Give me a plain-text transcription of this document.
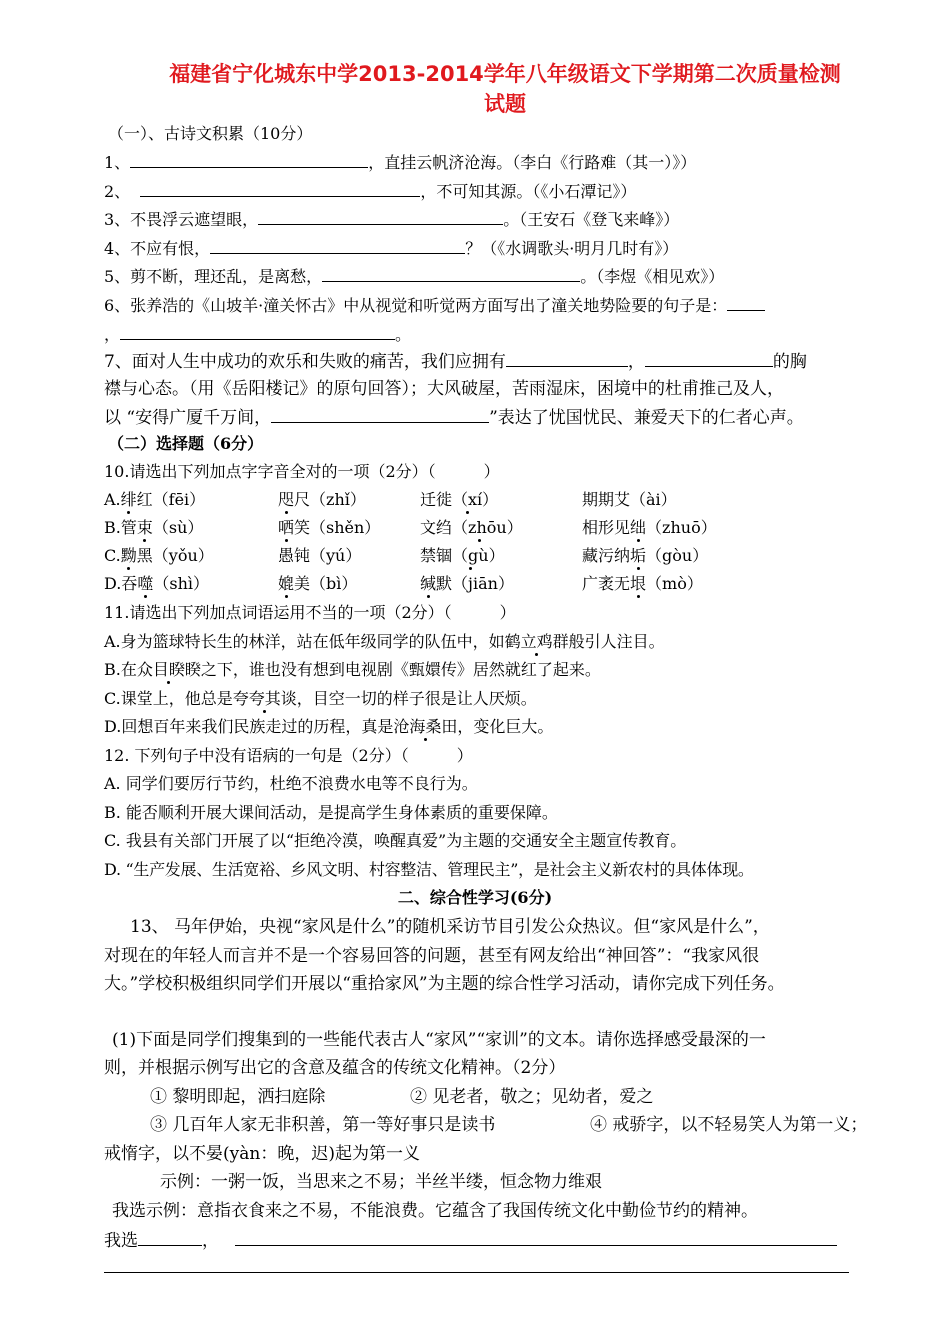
福建省宁化城东中学2013-2014学年八年级语文下学期第二次质量检测
试题
（一）、古诗文积累（10分）
1、	，直挂云帆济沧海。（李白《行路难（其一）》）
2、	，不可知其源。（《小石潭记》）
3、不畏浮云遮望眼，	。（王安石《登飞来峰》）
4、不应有恨，	？（《水调歌头·明月几时有》）
5、剪不断，理还乱，是离愁，	。（李煜《相见欢》）
6、张养浩的《山坡羊·潼关怀古》中从视觉和听觉两方面写出了潼关地势险要的句子是：
，	。
7、面对人生中成功的欢乐和失败的痛苦，我们应拥有	，	的胸
襟与心态。（用《岳阳楼记》的原句回答）；大风破屋，苦雨湿床，困境中的杜甫推己及人，
以 “安得广厦千万间，	”表达了忧国忧民、兼爱天下的仁者心声。
（二）选择题（6分）
10.请选出下列加点字字音全对的一项（2分）（　　　）
A.绯红（fēi）	咫尺（zhǐ）	迁徙（xí）	期期艾（ài）
B.管束（sù）	哂笑（shěn） 文绉（zhōu）	相形见绌（zhuō）
C.黝黑（yǒu）	愚钝（yú）	禁锢（gù）	藏污纳垢（gòu）
D.吞噬（shì）	媲美（bì）	缄默（jiān）	广袤无垠（mò）
11.请选出下列加点词语运用不当的一项（2分）（　　　）
A.身为篮球特长生的林洋，站在低年级同学的队伍中，如鹤立鸡群般引人注目。
B.在众目睽睽之下，谁也没有想到电视剧《甄嬛传》居然就红了起来。
C.课堂上，他总是夸夸其谈，目空一切的样子很是让人厌烦。
D.回想百年来我们民族走过的历程，真是沧海桑田，变化巨大。
12. 下列句子中没有语病的一句是（2分）（　　　）
A. 同学们要厉行节约，杜绝不浪费水电等不良行为。
B. 能否顺利开展大课间活动，是提高学生身体素质的重要保障。
C. 我县有关部门开展了以“拒绝冷漠，唤醒真爱”为主题的交通安全主题宣传教育。
D. “生产发展、生活宽裕、乡风文明、村容整洁、管理民主”，是社会主义新农村的具体体现。
二、综合性学习(6分)
13、 马年伊始，央视“家风是什么”的随机采访节目引发公众热议。但“家风是什么”，
对现在的年轻人而言并不是一个容易回答的问题，甚至有网友给出“神回答”：“我家风很
大。”学校积极组织同学们开展以“重拾家风”为主题的综合性学习活动，请你完成下列任务。
(1)下面是同学们搜集到的一些能代表古人“家风”“家训”的文本。请你选择感受最深的一
则，并根据示例写出它的含意及蕴含的传统文化精神。（2分）
① 黎明即起，洒扫庭除	② 见老者，敬之；见幼者，爱之
③ 几百年人家无非积善，第一等好事只是读书	④ 戒骄字，以不轻易笑人为第一义；
戒惰字，以不晏(yàn：晚，迟)起为第一义
示例：一粥一饭，当思来之不易；半丝半缕，恒念物力维艰
我选示例：意指衣食来之不易，不能浪费。它蕴含了我国传统文化中勤俭节约的精神。
我选	，
